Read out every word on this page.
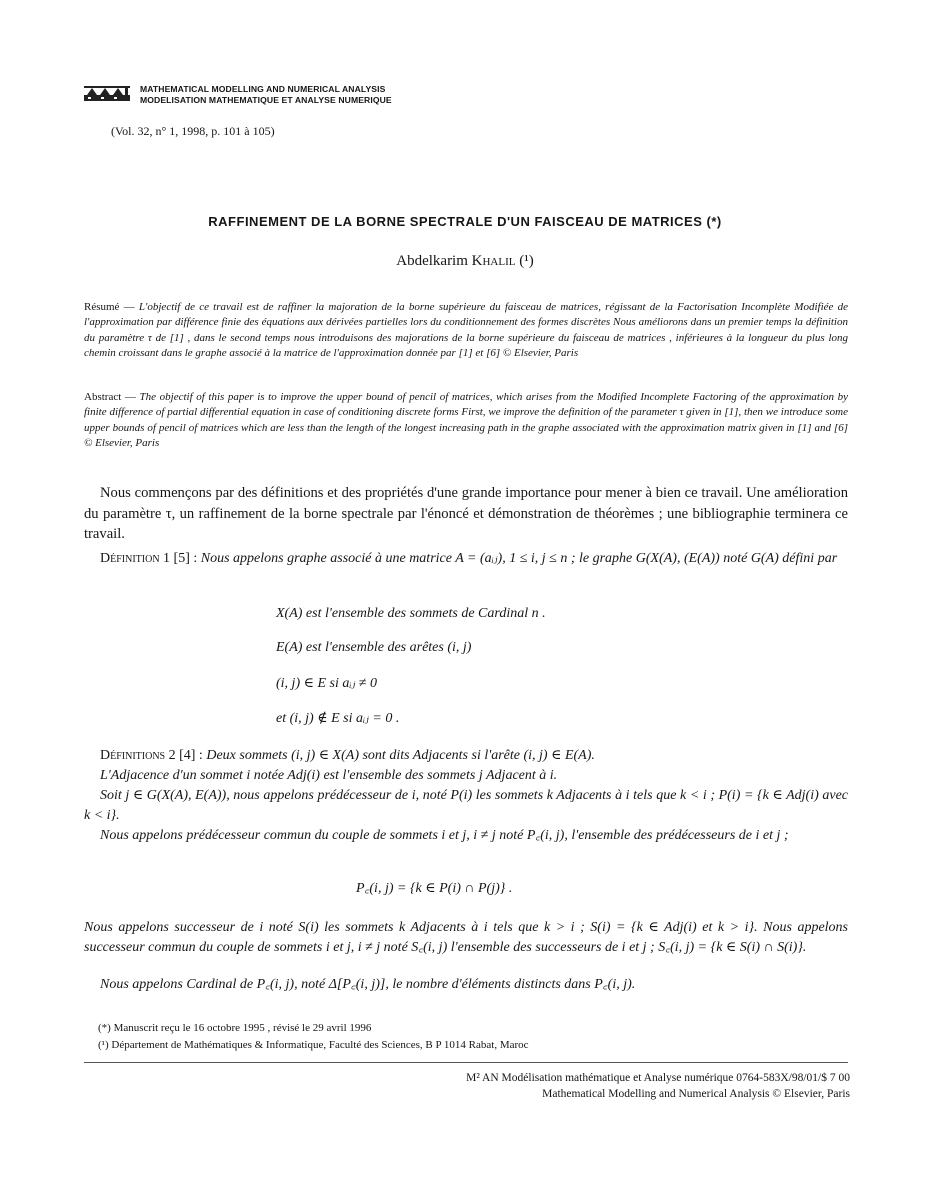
MATHEMATICAL MODELLING AND NUMERICAL ANALYSIS
MODELISATION MATHEMATIQUE ET ANALYSE NUMERIQUE
(Vol. 32, n° 1, 1998, p. 101 à 105)
RAFFINEMENT DE LA BORNE SPECTRALE D'UN FAISCEAU DE MATRICES (*)
Abdelkarim Khalil (¹)
Résumé — L'objectif de ce travail est de raffiner la majoration de la borne supérieure du faisceau de matrices, régissant de la Factorisation Incomplète Modifiée de l'approximation par différence finie des équations aux dérivées partielles lors du conditionnement des formes discrètes Nous améliorons dans un premier temps la définition du paramètre τ de [1] , dans le second temps nous introduisons des majorations de la borne supérieure du faisceau de matrices , inférieures à la longueur du plus long chemin croissant dans le graphe associé à la matrice de l'approximation donnée par [1] et [6] © Elsevier, Paris
Abstract — The objectif of this paper is to improve the upper bound of pencil of matrices, which arises from the Modified Incomplete Factoring of the approximation by finite difference of partial differential equation in case of conditioning discrete forms First, we improve the definition of the parameter τ given in [1], then we introduce some upper bounds of pencil of matrices which are less than the length of the longest increasing path in the graphe associated with the approximation matrix given in [1] and [6] © Elsevier, Paris
Nous commençons par des définitions et des propriétés d'une grande importance pour mener à bien ce travail. Une amélioration du paramètre τ, un raffinement de la borne spectrale par l'énoncé et démonstration de théorèmes ; une bibliographie terminera ce travail.
Définition 1 [5] : Nous appelons graphe associé à une matrice A = (aᵢⱼ), 1 ≤ i, j ≤ n ; le graphe G(X(A), (E(A)) noté G(A) défini par
X(A) est l'ensemble des sommets de Cardinal n .
E(A) est l'ensemble des arêtes (i, j)
(i, j) ∈ E si aᵢⱼ ≠ 0
et (i, j) ∉ E si aᵢⱼ = 0 .
Définitions 2 [4] : Deux sommets (i, j) ∈ X(A) sont dits Adjacents si l'arête (i, j) ∈ E(A).
L'Adjacence d'un sommet i notée Adj(i) est l'ensemble des sommets j Adjacent à i.
Soit j ∈ G(X(A), E(A)), nous appelons prédécesseur de i, noté P(i) les sommets k Adjacents à i tels que k < i ; P(i) = {k ∈ Adj(i) avec k < i}.
Nous appelons prédécesseur commun du couple de sommets i et j, i ≠ j noté P꜀(i, j), l'ensemble des prédécesseurs de i et j ;
P꜀(i, j) = {k ∈ P(i) ∩ P(j)} .
Nous appelons successeur de i noté S(i) les sommets k Adjacents à i tels que k > i ; S(i) = {k ∈ Adj(i) et k > i}. Nous appelons successeur commun du couple de sommets i et j, i ≠ j noté S꜀(i, j) l'ensemble des successeurs de i et j ; S꜀(i, j) = {k ∈ S(i) ∩ S(i)}.
Nous appelons Cardinal de P꜀(i, j), noté Δ[P꜀(i, j)], le nombre d'éléments distincts dans P꜀(i, j).
(*) Manuscrit reçu le 16 octobre 1995 , révisé le 29 avril 1996
(¹) Département de Mathématiques & Informatique, Faculté des Sciences, B P 1014 Rabat, Maroc
M² AN Modélisation mathématique et Analyse numérique 0764-583X/98/01/$ 7 00
Mathematical Modelling and Numerical Analysis © Elsevier, Paris
